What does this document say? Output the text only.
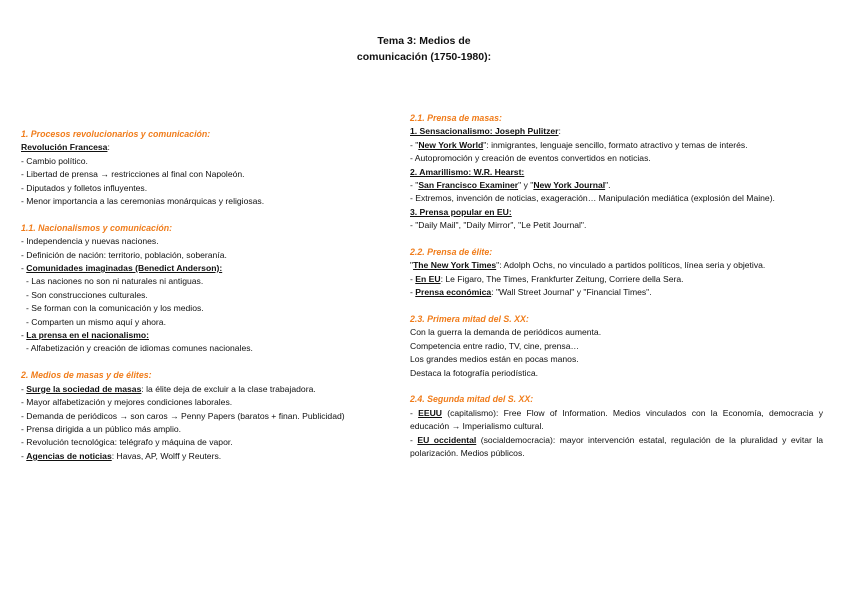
Tema 3: Medios de
comunicación (1750-1980):
1. Procesos revolucionarios y comunicación:
Revolución Francesa:
- Cambio político.
- Libertad de prensa → restricciones al final con Napoleón.
- Diputados y folletos influyentes.
- Menor importancia a las ceremonias monárquicas y religiosas.
1.1. Nacionalismos y comunicación:
- Independencia y nuevas naciones.
- Definición de nación: territorio, población, soberanía.
- Comunidades imaginadas (Benedict Anderson):
- Las naciones no son ni naturales ni antiguas.
- Son construcciones culturales.
- Se forman con la comunicación y los medios.
- Comparten un mismo aquí y ahora.
- La prensa en el nacionalismo:
- Alfabetización y creación de idiomas comunes nacionales.
2. Medios de masas y de élites:
- Surge la sociedad de masas: la élite deja de excluir a la clase trabajadora.
- Mayor alfabetización y mejores condiciones laborales.
- Demanda de periódicos → son caros → Penny Papers (baratos + finan. Publicidad)
- Prensa dirigida a un público más amplio.
- Revolución tecnológica: telégrafo y máquina de vapor.
- Agencias de noticias: Havas, AP, Wolff y Reuters.
2.1. Prensa de masas:
1. Sensacionalismo: Joseph Pulitzer:
- "New York World": inmigrantes, lenguaje sencillo, formato atractivo y temas de interés.
- Autopromoción y creación de eventos convertidos en noticias.
2. Amarillismo: W.R. Hearst:
- "San Francisco Examiner" y "New York Journal".
- Extremos, invención de noticias, exageración… Manipulación mediática (explosión del Maine).
3. Prensa popular en EU:
- "Daily Mail", "Daily Mirror", "Le Petit Journal".
2.2. Prensa de élite:
"The New York Times": Adolph Ochs, no vinculado a partidos políticos, línea seria y objetiva.
- En EU: Le Figaro, The Times, Frankfurter Zeitung, Corriere della Sera.
- Prensa económica: "Wall Street Journal" y "Financial Times".
2.3. Primera mitad del S. XX:
Con la guerra la demanda de periódicos aumenta.
Competencia entre radio, TV, cine, prensa…
Los grandes medios están en pocas manos.
Destaca la fotografía periodística.
2.4. Segunda mitad del S. XX:
- EEUU (capitalismo): Free Flow of Information. Medios vinculados con la Economía, democracia y educación → Imperialismo cultural.
- EU occidental (socialdemocracia): mayor intervención estatal, regulación de la pluralidad y evitar la polarización. Medios públicos.
